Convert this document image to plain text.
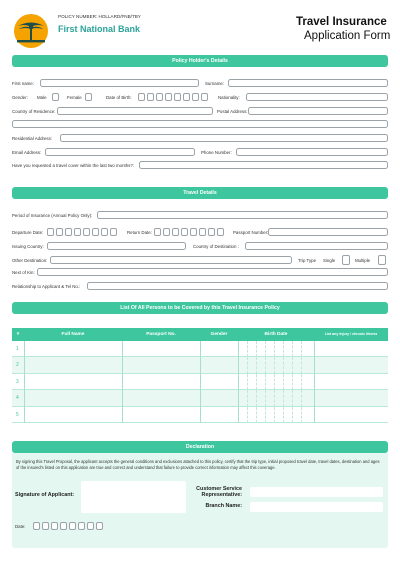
POLICY NUMBER: HOLLARD/FNB/TBY
First National Bank
Travel Insurance
Application Form
Policy Holder's Details
First name:	Surname:
Gender: Male	Female	Date of Birth:	Nationality:
Country of Residence:	Postal Address:
Residential Address:
Email Address:	Phone Number:
Have you requested a travel cover within the last two months?:
Travel Details
Period of Insurance (Annual Policy Only):
Departure Date:	Return Date:	Passport Number:
Issuing Country:	Country of Destination :
Other Destination:	Trip Type Single	Multiple
Next of Kin:
Relationship to Applicant & Tel No.:
List Of All Persons to be Covered by this Travel Insurance Policy
#	Full Name	Passport No.	Gender	Birth Date	List any injury / chronic illness
1
2
3
4
5
Declaration
By signing this Travel Proposal, the applicant accepts the general conditions and exclusions attached to this policy, certify that the trip type, initial proposed travel date, travel dates, destination and ages of the insured's listed on this application are true and correct and understand that failure to provide correct information may affect this coverage.
Signature of Applicant:
Customer Service Representative:
Branch Name:
Date:
